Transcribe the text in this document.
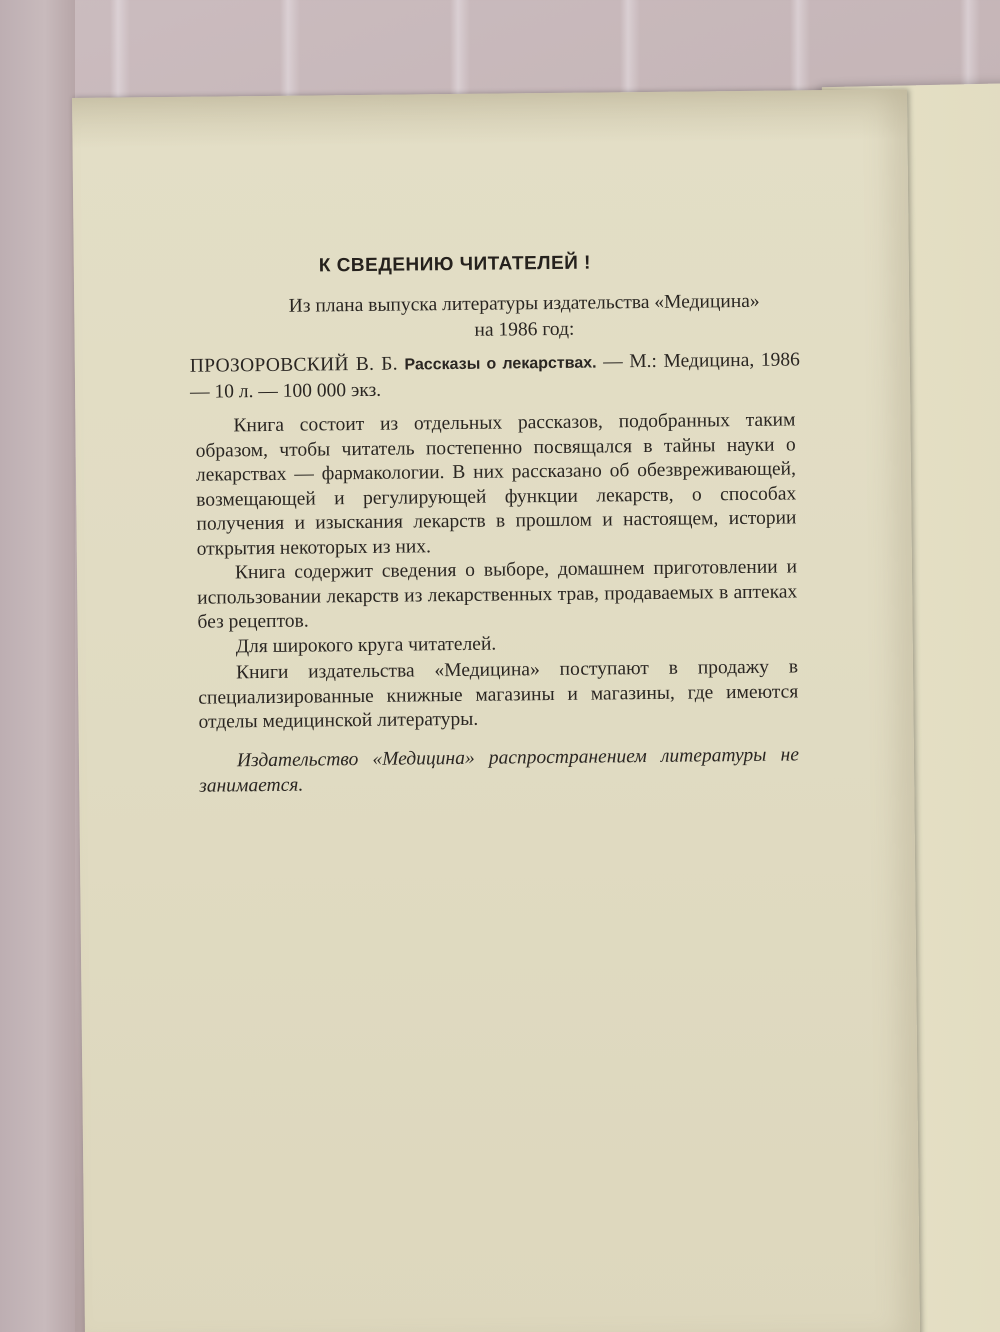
К СВЕДЕНИЮ ЧИТАТЕЛЕЙ !
Из плана выпуска литературы издательства «Медицина»
на 1986 год:
ПРОЗОРОВСКИЙ В. Б. Рассказы о лекарствах. — М.: Медицина, 1986 — 10 л. — 100 000 экз.

Книга состоит из отдельных рассказов, подобранных таким образом, чтобы читатель постепенно посвящался в тайны науки о лекарствах — фармакологии. В них рассказано об обезвреживающей, возмещающей и регулирующей функции лекарств, о способах получения и изыскания лекарств в прошлом и настоящем, истории открытия некоторых из них.

Книга содержит сведения о выборе, домашнем приготовлении и использовании лекарств из лекарственных трав, продаваемых в аптеках без рецептов.

Для широкого круга читателей.

Книги издательства «Медицина» поступают в продажу в специализированные книжные магазины и магазины, где имеются отделы медицинской литературы.
Издательство «Медицина» распространением литературы не занимается.
